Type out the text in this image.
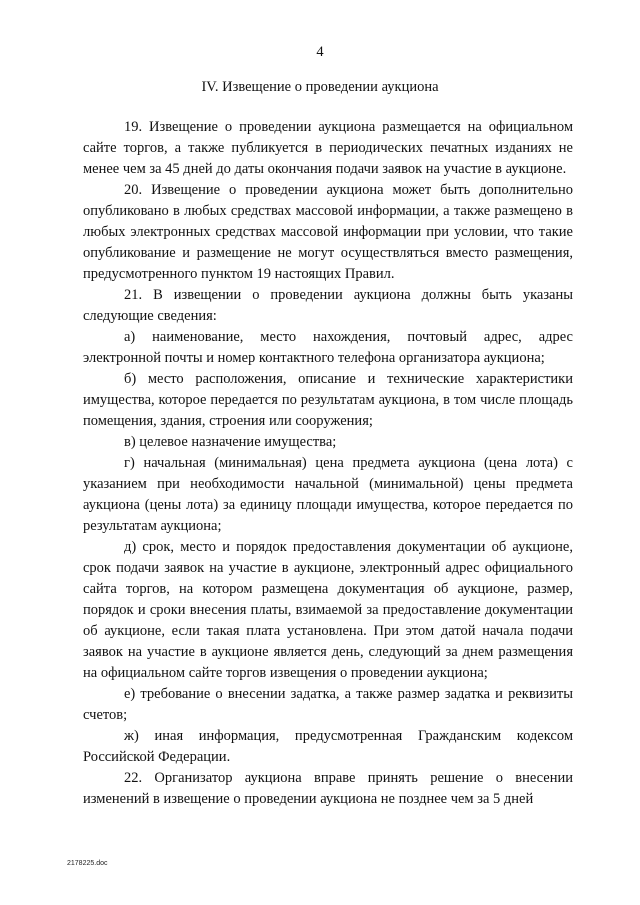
4
IV. Извещение о проведении аукциона

19. Извещение о проведении аукциона размещается на официальном сайте торгов, а также публикуется в периодических печатных изданиях не менее чем за 45 дней до даты окончания подачи заявок на участие в аукционе.

20. Извещение о проведении аукциона может быть дополнительно опубликовано в любых средствах массовой информации, а также размещено в любых электронных средствах массовой информации при условии, что такие опубликование и размещение не могут осуществляться вместо размещения, предусмотренного пунктом 19 настоящих Правил.

21. В извещении о проведении аукциона должны быть указаны следующие сведения:

а) наименование, место нахождения, почтовый адрес, адрес электронной почты и номер контактного телефона организатора аукциона;

б) место расположения, описание и технические характеристики имущества, которое передается по результатам аукциона, в том числе площадь помещения, здания, строения или сооружения;

в) целевое назначение имущества;

г) начальная (минимальная) цена предмета аукциона (цена лота) с указанием при необходимости начальной (минимальной) цены предмета аукциона (цены лота) за единицу площади имущества, которое передается по результатам аукциона;

д) срок, место и порядок предоставления документации об аукционе, срок подачи заявок на участие в аукционе, электронный адрес официального сайта торгов, на котором размещена документация об аукционе, размер, порядок и сроки внесения платы, взимаемой за предоставление документации об аукционе, если такая плата установлена. При этом датой начала подачи заявок на участие в аукционе является день, следующий за днем размещения на официальном сайте торгов извещения о проведении аукциона;

е) требование о внесении задатка, а также размер задатка и реквизиты счетов;

ж) иная информация, предусмотренная Гражданским кодексом Российской Федерации.

22. Организатор аукциона вправе принять решение о внесении изменений в извещение о проведении аукциона не позднее чем за 5 дней

2178225.doc
